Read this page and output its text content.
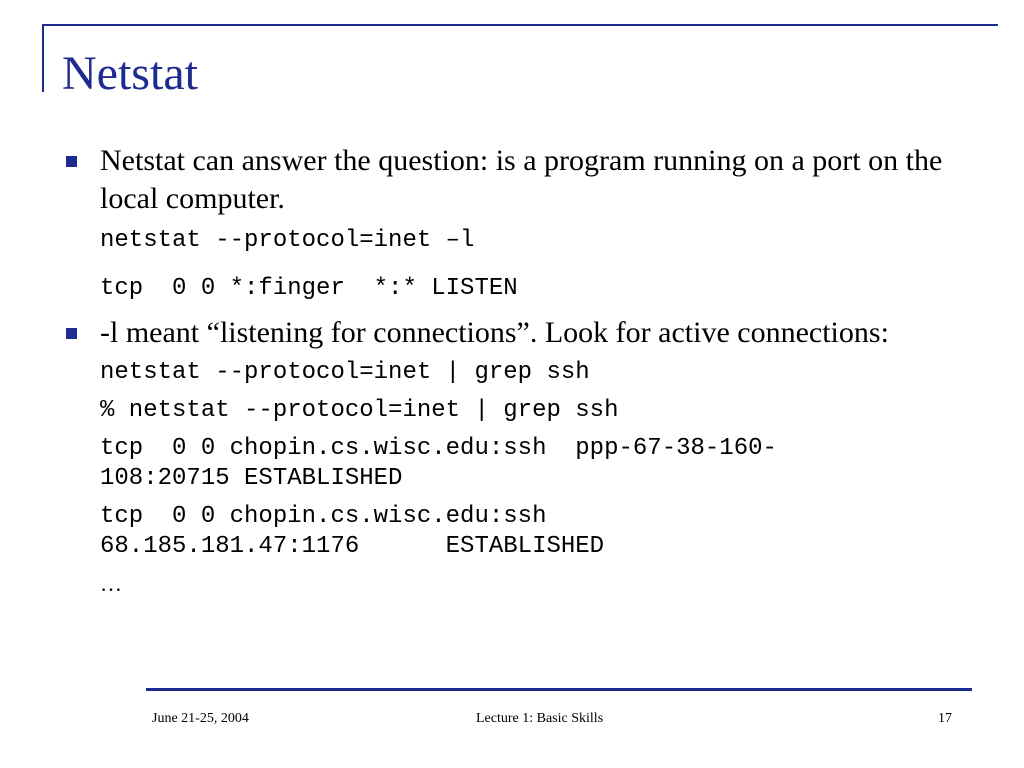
Netstat
Netstat can answer the question: is a program running on a port on the local computer.
netstat --protocol=inet –l
tcp  0 0 *:finger  *:* LISTEN
-l meant “listening for connections”. Look for active connections:
netstat --protocol=inet | grep ssh
% netstat --protocol=inet | grep ssh
tcp  0 0 chopin.cs.wisc.edu:ssh  ppp-67-38-160-
108:20715 ESTABLISHED
tcp  0 0 chopin.cs.wisc.edu:ssh
68.185.181.47:1176      ESTABLISHED
…
June 21-25, 2004	Lecture 1: Basic Skills	17
